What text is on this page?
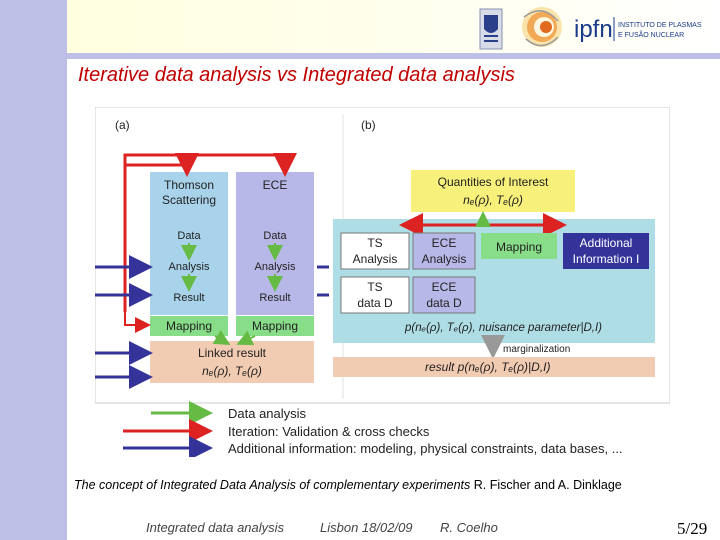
ipfn INSTITUTO DE PLASMAS
E FUSÃO NUCLEAR
Iterative data analysis vs Integrated data analysis
(a)
Thomson
Scattering
ECE
Data
Analysis
Result
Data
Analysis
Result
Mapping	Mapping
Linked result
nₑ(ρ), Tₑ(ρ)
(b)
Quantities of Interest
nₑ(ρ), Tₑ(ρ)
TS
Analysis
ECE
Analysis
Mapping	Additional
Information I
TS
data D
ECE
data D
p(nₑ(ρ), Tₑ(ρ), nuisance parameter|D,I)
marginalization
result p(nₑ(ρ), Tₑ(ρ)|D,I)
Data analysis
Iteration: Validation & cross checks
Additional information: modeling, physical constraints, data bases, ...
The concept of Integrated Data Analysis of complementary experiments R. Fischer and A. Dinklage
Integrated data analysis	Lisbon 18/02/09 R. Coelho	5/29
